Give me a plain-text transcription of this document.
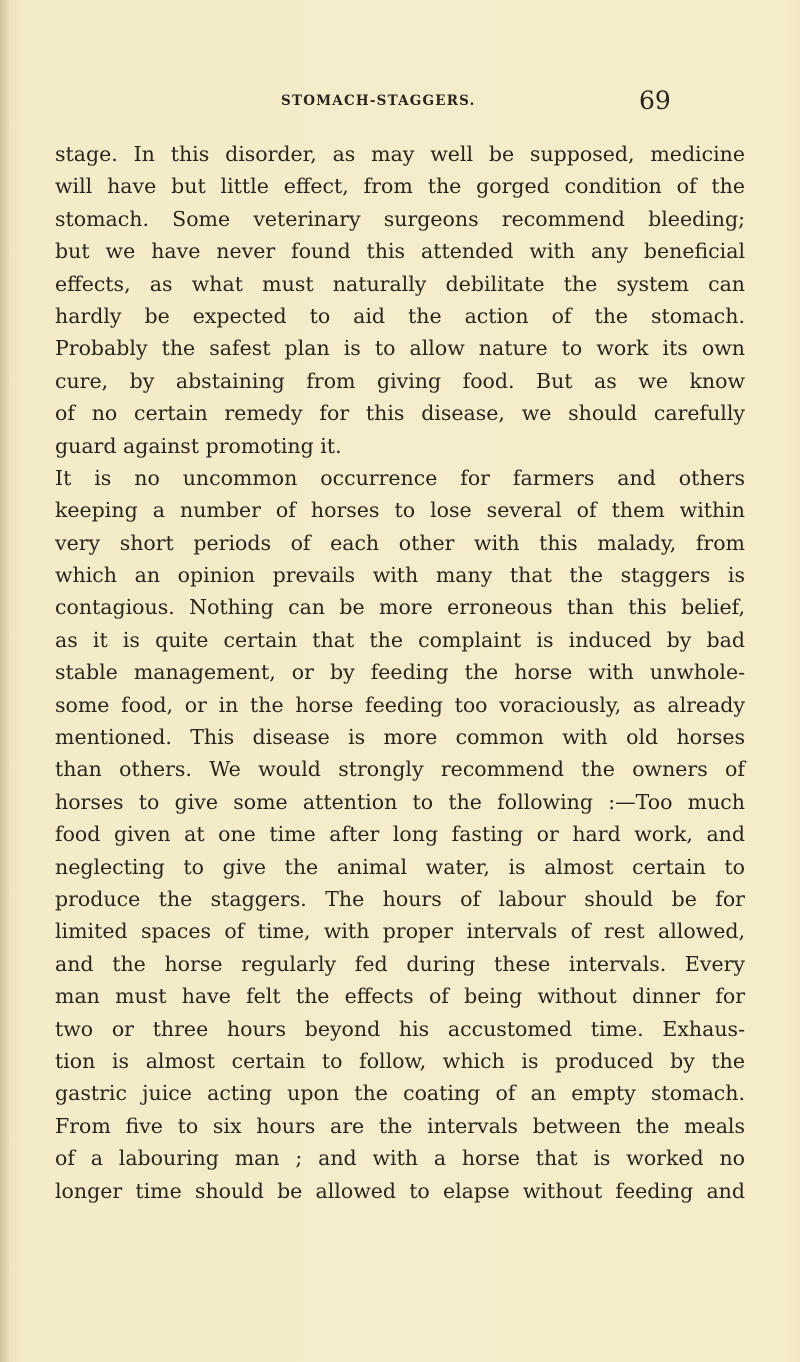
STOMACH-STAGGERS.	69
stage. In this disorder, as may well be supposed, medicine
will have but little effect, from the gorged condition of the
stomach. Some veterinary surgeons recommend bleeding;
but we have never found this attended with any beneficial
effects, as what must naturally debilitate the system can
hardly be expected to aid the action of the stomach.
Probably the safest plan is to allow nature to work its own
cure, by abstaining from giving food. But as we know
of no certain remedy for this disease, we should carefully
guard against promoting it.
It is no uncommon occurrence for farmers and others
keeping a number of horses to lose several of them within
very short periods of each other with this malady, from
which an opinion prevails with many that the staggers is
contagious. Nothing can be more erroneous than this belief,
as it is quite certain that the complaint is induced by bad
stable management, or by feeding the horse with unwhole-
some food, or in the horse feeding too voraciously, as already
mentioned. This disease is more common with old horses
than others. We would strongly recommend the owners of
horses to give some attention to the following :—Too much
food given at one time after long fasting or hard work, and
neglecting to give the animal water, is almost certain to
produce the staggers. The hours of labour should be for
limited spaces of time, with proper intervals of rest allowed,
and the horse regularly fed during these intervals. Every
man must have felt the effects of being without dinner for
two or three hours beyond his accustomed time. Exhaus-
tion is almost certain to follow, which is produced by the
gastric juice acting upon the coating of an empty stomach.
From five to six hours are the intervals between the meals
of a labouring man ; and with a horse that is worked no
longer time should be allowed to elapse without feeding and
